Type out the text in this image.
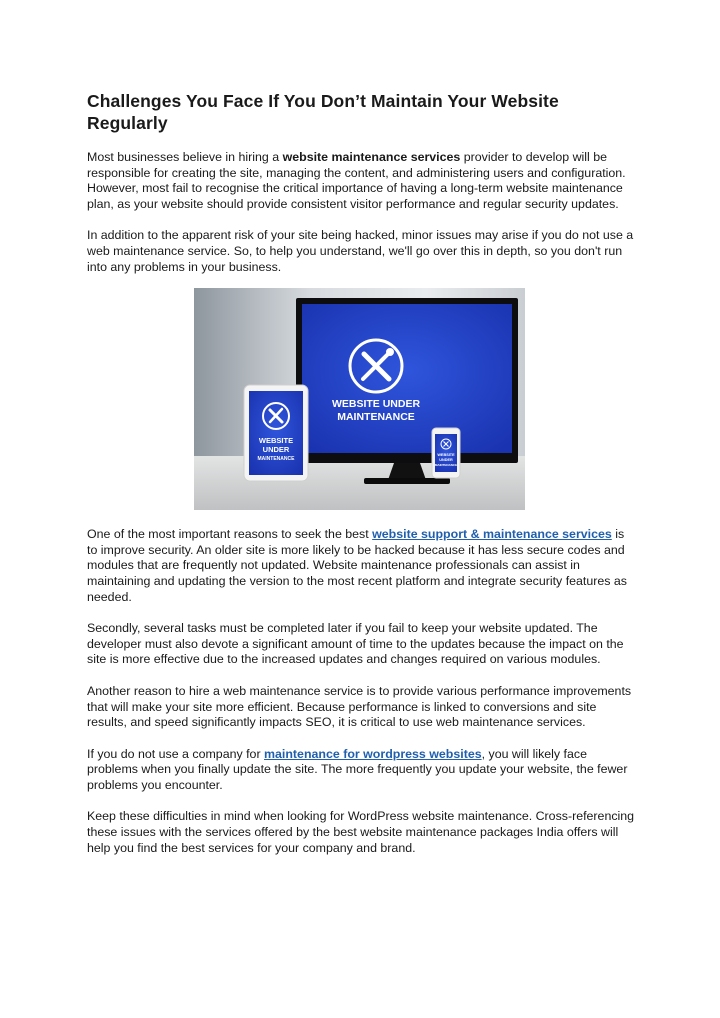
Challenges You Face If You Don’t Maintain Your Website Regularly

Most businesses believe in hiring a website maintenance services provider to develop will be responsible for creating the site, managing the content, and administering users and configuration. However, most fail to recognise the critical importance of having a long-term website maintenance plan, as your website should provide consistent visitor performance and regular security updates.

In addition to the apparent risk of your site being hacked, minor issues may arise if you do not use a web maintenance service. So, to help you understand, we'll go over this in depth, so you don't run into any problems in your business.

WEBSITE UNDER
MAINTENANCE
WEBSITE
UNDER
MAINTENANCE
WEBSITE
UNDER
MAINTENANCE

One of the most important reasons to seek the best website support & maintenance services is to improve security. An older site is more likely to be hacked because it has less secure codes and modules that are frequently not updated. Website maintenance professionals can assist in maintaining and updating the version to the most recent platform and integrate security features as needed.

Secondly, several tasks must be completed later if you fail to keep your website updated. The developer must also devote a significant amount of time to the updates because the impact on the site is more effective due to the increased updates and changes required on various modules.

Another reason to hire a web maintenance service is to provide various performance improvements that will make your site more efficient. Because performance is linked to conversions and site results, and speed significantly impacts SEO, it is critical to use web maintenance services.

If you do not use a company for maintenance for wordpress websites, you will likely face problems when you finally update the site. The more frequently you update your website, the fewer problems you encounter.

Keep these difficulties in mind when looking for WordPress website maintenance. Cross-referencing these issues with the services offered by the best website maintenance packages India offers will help you find the best services for your company and brand.
